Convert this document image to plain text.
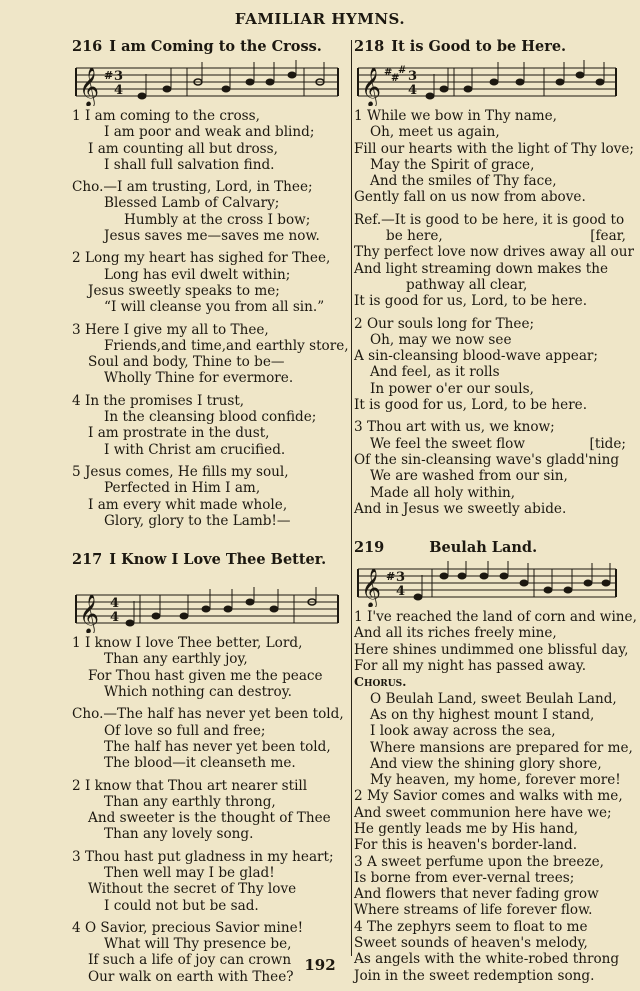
FAMILIAR HYMNS.
216 I am Coming to the Cross.
𝄞 # 3
4
1 I am coming to the cross,
I am poor and weak and blind;
I am counting all but dross,
I shall full salvation find.
Cho.—I am trusting, Lord, in Thee;
Blessed Lamb of Calvary;
Humbly at the cross I bow;
Jesus saves me—saves me now.
2 Long my heart has sighed for Thee,
Long has evil dwelt within;
Jesus sweetly speaks to me;
“I will cleanse you from all sin.”
3 Here I give my all to Thee,
Friends,and time,and earthly store,
Soul and body, Thine to be—
Wholly Thine for evermore.
4 In the promises I trust,
In the cleansing blood confide;
I am prostrate in the dust,
I with Christ am crucified.
5 Jesus comes, He fills my soul,
Perfected in Him I am,
I am every whit made whole,
Glory, glory to the Lamb!—
217 I Know I Love Thee Better.
𝄞 4
4
1 I know I love Thee better, Lord,
Than any earthly joy,
For Thou hast given me the peace
Which nothing can destroy.
Cho.—The half has never yet been told,
Of love so full and free;
The half has never yet been told,
The blood—it cleanseth me.
2 I know that Thou art nearer still
Than any earthly throng,
And sweeter is the thought of Thee
Than any lovely song.
3 Thou hast put gladness in my heart;
Then well may I be glad!
Without the secret of Thy love
I could not but be sad.
4 O Savior, precious Savior mine!
What will Thy presence be,
If such a life of joy can crown
Our walk on earth with Thee?
218 It is Good to be Here.
𝄞 #
#
# 3
4
1 While we bow in Thy name,
Oh, meet us again,
Fill our hearts with the light of Thy love;
May the Spirit of grace,
And the smiles of Thy face,
Gently fall on us now from above.
Ref.—It is good to be here, it is good to
be here,	[fear,
Thy perfect love now drives away all our
And light streaming down makes the
pathway all clear,
It is good for us, Lord, to be here.
2 Our souls long for Thee;
Oh, may we now see
A sin-cleansing blood-wave appear;
And feel, as it rolls
In power o'er our souls,
It is good for us, Lord, to be here.
3 Thou art with us, we know;
We feel the sweet flow	[tide;
Of the sin-cleansing wave's gladd'ning
We are washed from our sin,
Made all holy within,
And in Jesus we sweetly abide.
219	Beulah Land.
𝄞 # 3
4
1 I've reached the land of corn and wine,
And all its riches freely mine,
Here shines undimmed one blissful day,
For all my night has passed away.
Chorus.
O Beulah Land, sweet Beulah Land,
As on thy highest mount I stand,
I look away across the sea,
Where mansions are prepared for me,
And view the shining glory shore,
My heaven, my home, forever more!
2 My Savior comes and walks with me,
And sweet communion here have we;
He gently leads me by His hand,
For this is heaven's border-land.
3 A sweet perfume upon the breeze,
Is borne from ever-vernal trees;
And flowers that never fading grow
Where streams of life forever flow.
4 The zephyrs seem to float to me
Sweet sounds of heaven's melody,
As angels with the white-robed throng
Join in the sweet redemption song.
192
